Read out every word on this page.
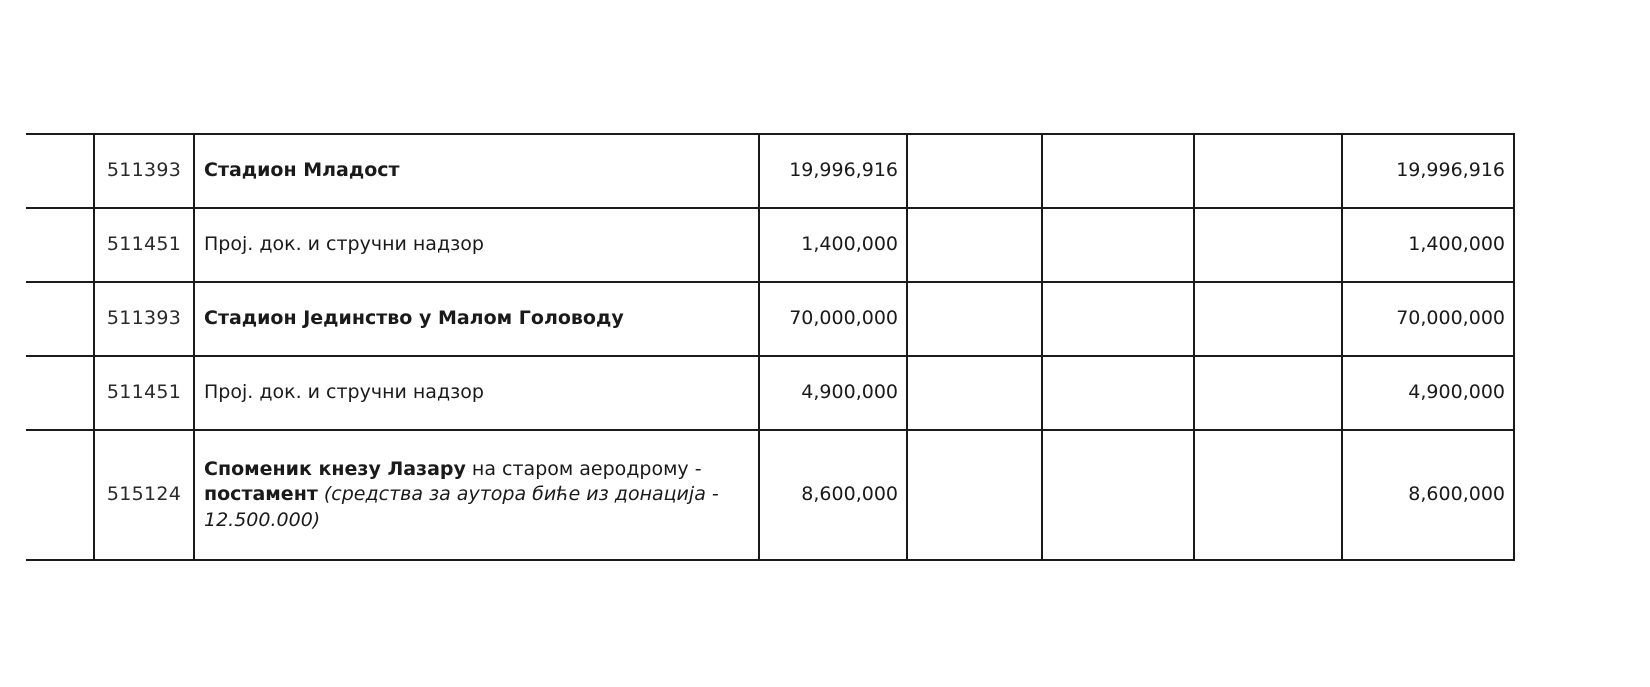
	511393	Стадион Младост	19,996,916				19,996,916
	511451	Проj. док. и стручни надзор	1,400,000				1,400,000
	511393	Стадион Јединство у Малом Головоду	70,000,000				70,000,000
	511451	Проj. док. и стручни надзор	4,900,000				4,900,000
	515124	Споменик кнезу Лазару на старом аеродрому - постамент (средства за аутора биће из донација - 12.500.000)	8,600,000				8,600,000
